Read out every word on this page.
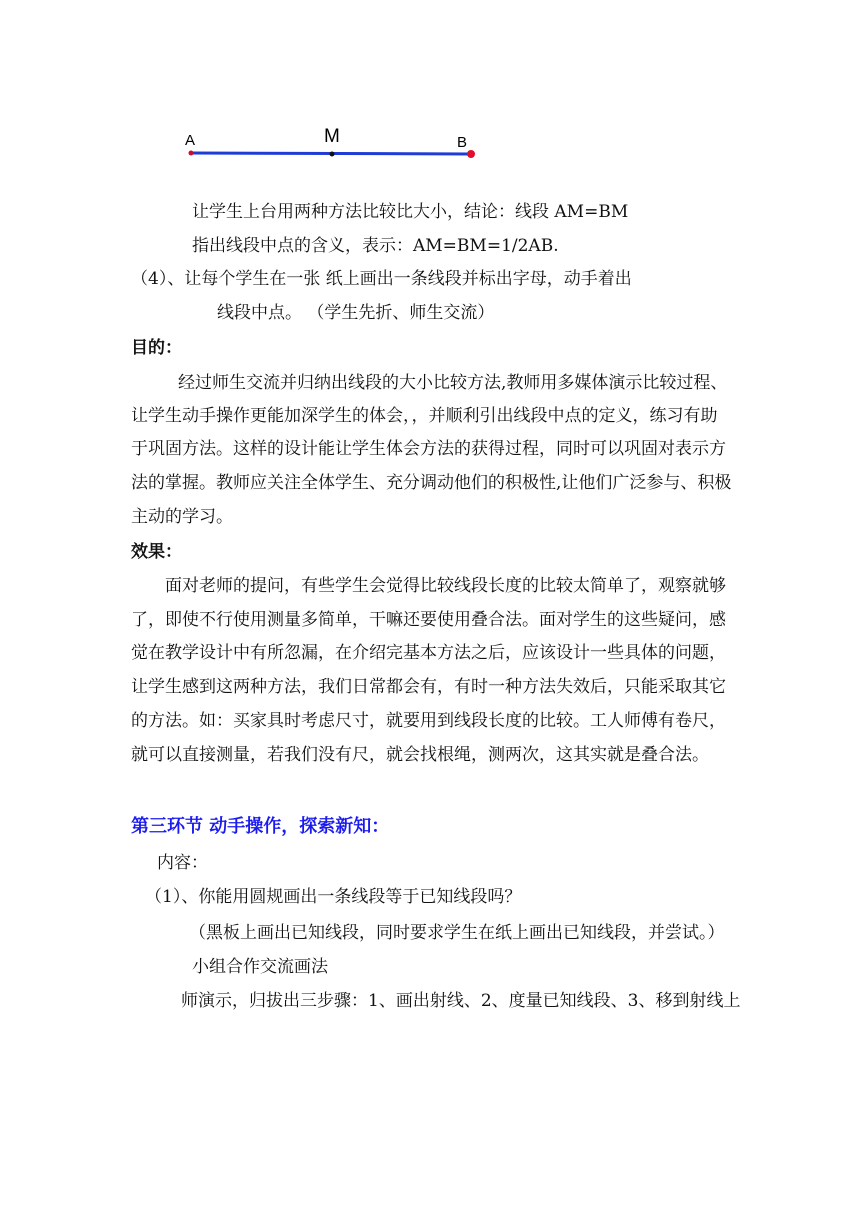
A	M	B
让学生上台用两种方法比较比大小，结论：线段 AM=BM
指出线段中点的含义，表示：AM=BM=1/2AB.
（4）、让每个学生在一张 纸上画出一条线段并标出字母，动手着出
线段中点。 （学生先折、师生交流）
目的：
经过师生交流并归纳出线段的大小比较方法,教师用多媒体演示比较过程、
让学生动手操作更能加深学生的体会，，并顺利引出线段中点的定义，练习有助
于巩固方法。这样的设计能让学生体会方法的获得过程，同时可以巩固对表示方
法的掌握。教师应关注全体学生、充分调动他们的积极性,让他们广泛参与、积极
主动的学习。
效果：
面对老师的提问，有些学生会觉得比较线段长度的比较太简单了，观察就够
了，即使不行使用测量多简单，干嘛还要使用叠合法。面对学生的这些疑问，感
觉在教学设计中有所忽漏，在介绍完基本方法之后，应该设计一些具体的问题，
让学生感到这两种方法，我们日常都会有，有时一种方法失效后，只能采取其它
的方法。如：买家具时考虑尺寸，就要用到线段长度的比较。工人师傅有卷尺，
就可以直接测量，若我们没有尺，就会找根绳，测两次，这其实就是叠合法。
第三环节 动手操作，探索新知：
内容：
（1）、你能用圆规画出一条线段等于已知线段吗？
（黑板上画出已知线段，同时要求学生在纸上画出已知线段，并尝试。）
小组合作交流画法
师演示，归拔出三步骤：1、画出射线、2、度量已知线段、3、移到射线上
